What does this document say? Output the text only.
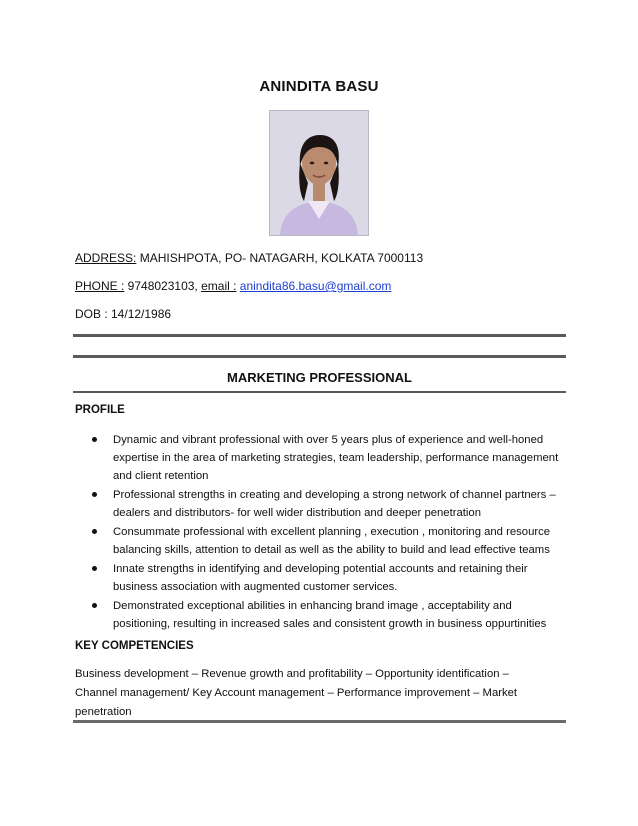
ANINDITA BASU
ADDRESS: MAHISHPOTA, PO- NATAGARH, KOLKATA 7000113
PHONE : 9748023103, email : anindita86.basu@gmail.com
DOB : 14/12/1986
MARKETING PROFESSIONAL
PROFILE
Dynamic and vibrant professional with over 5 years plus of experience and well-honed expertise in the area of marketing strategies, team leadership, performance management and client retention
Professional strengths in creating and developing a strong network of channel partners – dealers and distributors- for well wider distribution and deeper penetration
Consummate professional with excellent planning , execution , monitoring and resource balancing skills, attention to detail as well as the ability to build and lead effective teams
Innate strengths in identifying and developing potential accounts and retaining their business association with augmented customer services.
Demonstrated exceptional abilities in enhancing brand image , acceptability and positioning, resulting in increased sales and consistent growth in business oppurtinities
KEY COMPETENCIES
Business development – Revenue growth and profitability – Opportunity identification – Channel management/ Key Account management – Performance improvement – Market penetration
